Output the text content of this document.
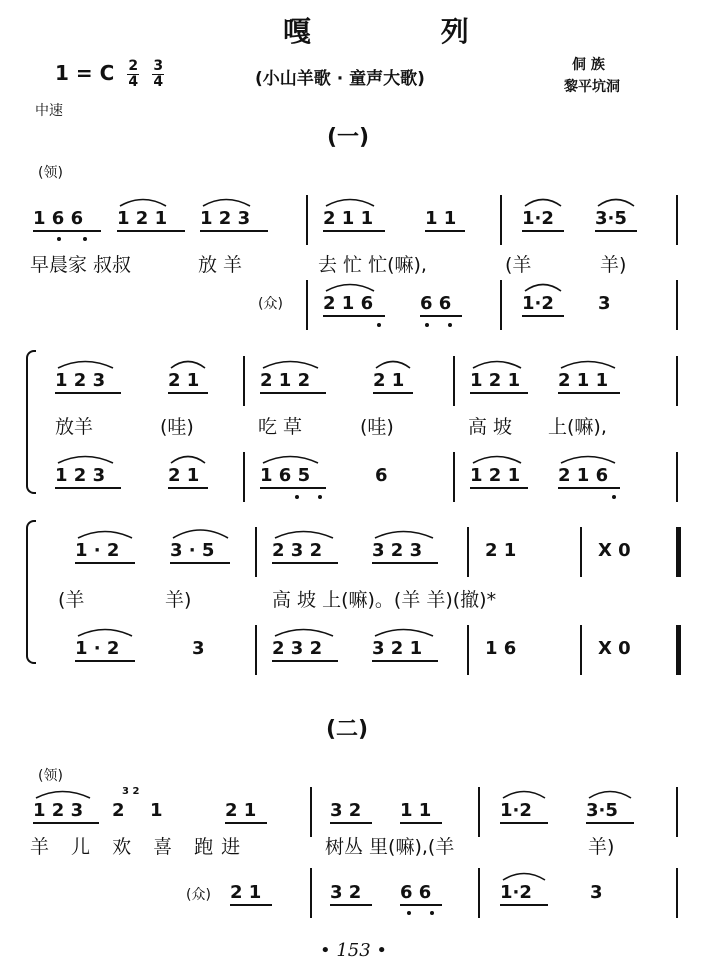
嘎 列
1 = C $\frac{2}{4}$
$\frac{3}{4}$	(小山羊歌 · 童声大歌)
侗 族
黎平坑洞
中速
(一)
(领)
1 6 6 1 2 1 1 2 3	2 1 1	1 1	1·2 3·5
早晨家 叔叔	放 羊	去 忙 忙(嘛),	(羊	羊)
(众) 2 1 6	6 6	1·2 3
1 2 3	2 1	2 1 2	2 1	1 2 1 2 1 1
放羊	(哇)	吃 草	(哇)	高 坡 上(嘛),
1 2 3	2 1	1 6 5	6	1 2 1 2 1 6
1 · 2	3 · 5	2 3 2	3 2 3	2 1	X 0
(羊	羊)	高 坡 上(嘛)。(羊 羊)(撤)*
1 · 2	3	2 3 2	3 2 1	1 6	X 0
(二)
(领)
1 2 3 2 1	2 1	3 2 1 1	1·2	3·5
3 2
羊 儿 欢 喜 跑进	树丛 里(嘛),(羊	羊)
(众) 2 1	3 2 6 6	1·2	3
• 153 •
